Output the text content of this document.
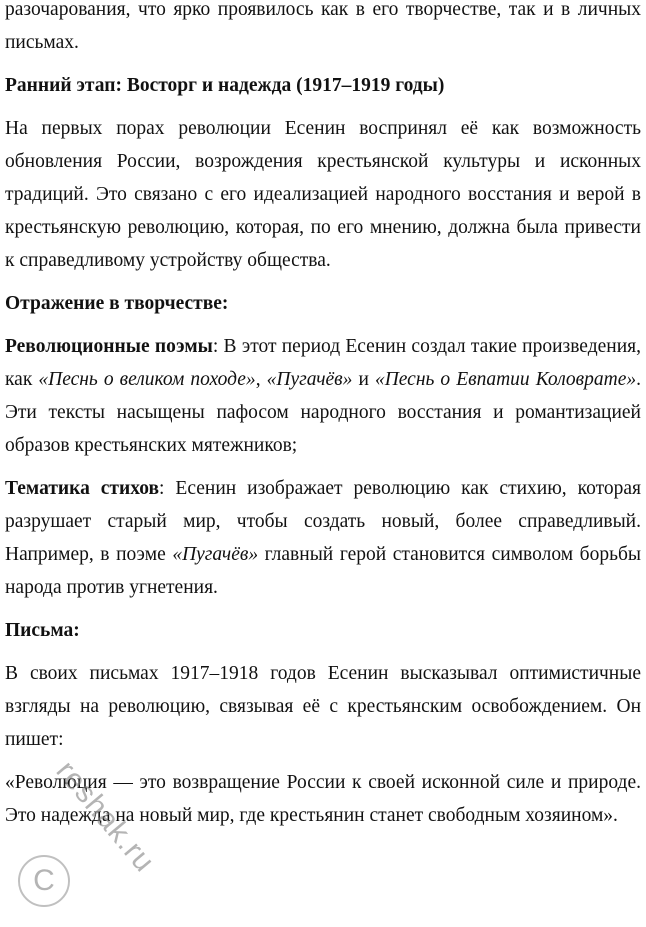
разочарования, что ярко проявилось как в его творчестве, так и в личных письмах.

Ранний этап: Восторг и надежда (1917–1919 годы)

На первых порах революции Есенин воспринял её как возможность обновления России, возрождения крестьянской культуры и исконных традиций. Это связано с его идеализацией народного восстания и верой в крестьянскую революцию, которая, по его мнению, должна была привести к справедливому устройству общества.

Отражение в творчестве:

Революционные поэмы: В этот период Есенин создал такие произведения, как «Песнь о великом походе», «Пугачёв» и «Песнь о Евпатии Коловрате». Эти тексты насыщены пафосом народного восстания и романтизацией образов крестьянских мятежников;

Тематика стихов: Есенин изображает революцию как стихию, которая разрушает старый мир, чтобы создать новый, более справедливый. Например, в поэме «Пугачёв» главный герой становится символом борьбы народа против угнетения.

Письма:

В своих письмах 1917–1918 годов Есенин высказывал оптимистичные взгляды на революцию, связывая её с крестьянским освобождением. Он пишет:

«Революция — это возвращение России к своей исконной силе и природе. Это надежда на новый мир, где крестьянин станет свободным хозяином».

reshak.ru
C
